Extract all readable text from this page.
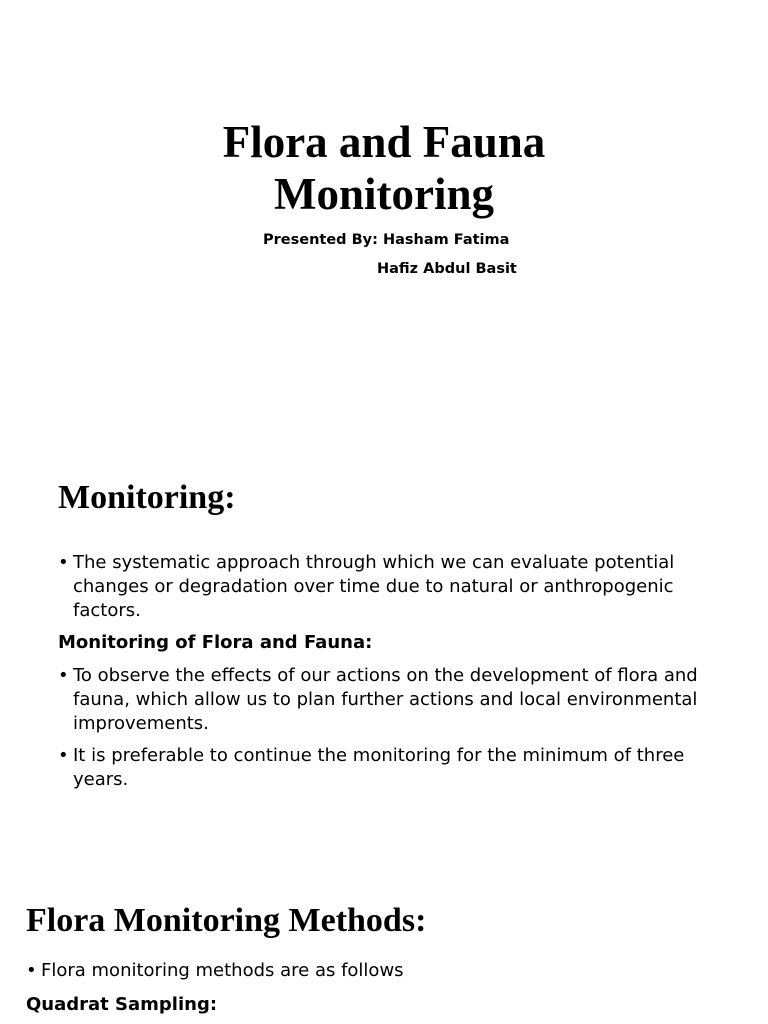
Flora and Fauna
Monitoring
Presented By: Hasham Fatima
Hafiz Abdul Basit
Monitoring:
• The systematic approach through which we can evaluate potential
changes or degradation over time due to natural or anthropogenic
factors.
Monitoring of Flora and Fauna:
• To observe the effects of our actions on the development of flora and
fauna, which allow us to plan further actions and local environmental
improvements.
• It is preferable to continue the monitoring for the minimum of three
years.
Flora Monitoring Methods:
• Flora monitoring methods are as follows
Quadrat Sampling:
